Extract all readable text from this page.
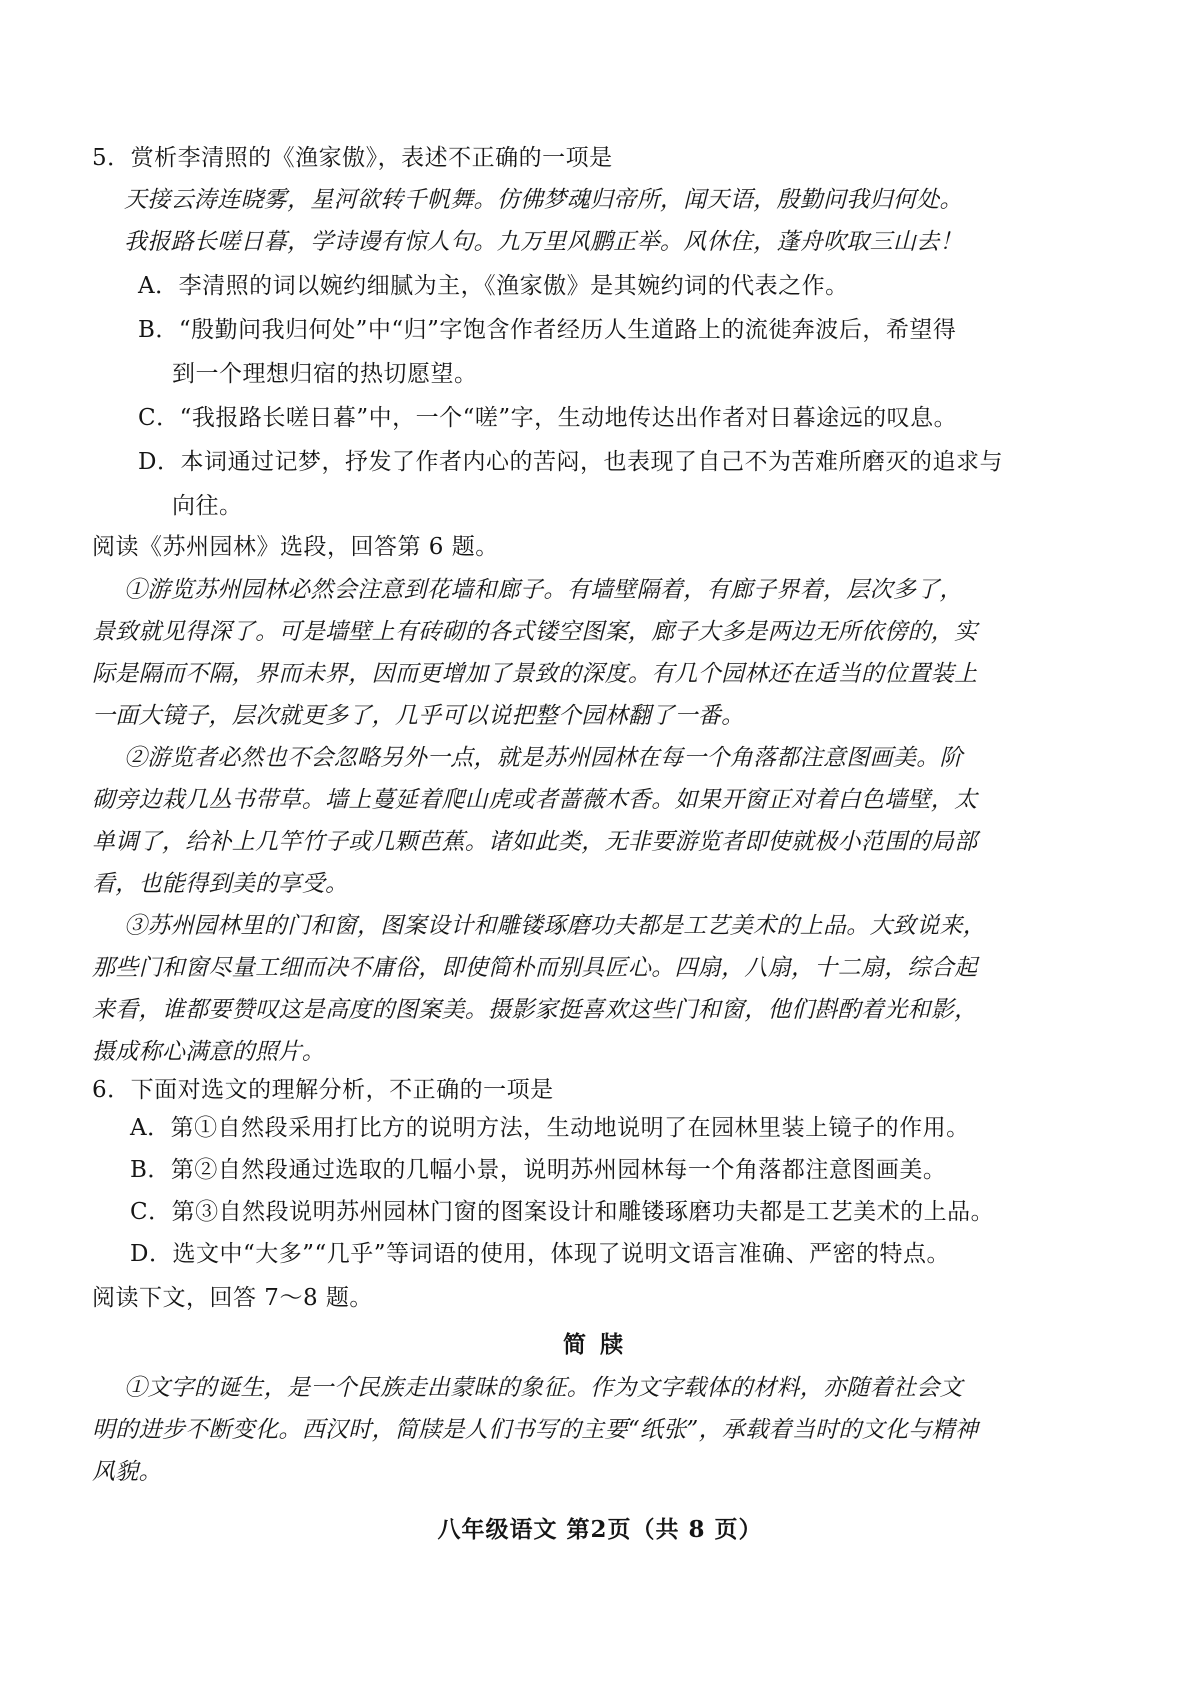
5．赏析李清照的《渔家傲》，表述不正确的一项是
天接云涛连晓雾，星河欲转千帆舞。仿佛梦魂归帝所，闻天语，殷勤问我归何处。
我报路长嗟日暮，学诗谩有惊人句。九万里风鹏正举。风休住，蓬舟吹取三山去！
A．李清照的词以婉约细腻为主，《渔家傲》是其婉约词的代表之作。
B．“殷勤问我归何处”中“归”字饱含作者经历人生道路上的流徙奔波后，希望得
到一个理想归宿的热切愿望。
C．“我报路长嗟日暮”中，一个“嗟”字，生动地传达出作者对日暮途远的叹息。
D．本词通过记梦，抒发了作者内心的苦闷，也表现了自己不为苦难所磨灭的追求与
向往。
阅读《苏州园林》选段，回答第 6 题。
①游览苏州园林必然会注意到花墙和廊子。有墙壁隔着，有廊子界着，层次多了，
景致就见得深了。可是墙壁上有砖砌的各式镂空图案，廊子大多是两边无所依傍的，实
际是隔而不隔，界而未界，因而更增加了景致的深度。有几个园林还在适当的位置装上
一面大镜子，层次就更多了，几乎可以说把整个园林翻了一番。
②游览者必然也不会忽略另外一点，就是苏州园林在每一个角落都注意图画美。阶
砌旁边栽几丛书带草。墙上蔓延着爬山虎或者蔷薇木香。如果开窗正对着白色墙壁，太
单调了，给补上几竿竹子或几颗芭蕉。诸如此类，无非要游览者即使就极小范围的局部
看，也能得到美的享受。
③苏州园林里的门和窗，图案设计和雕镂琢磨功夫都是工艺美术的上品。大致说来，
那些门和窗尽量工细而决不庸俗，即使简朴而别具匠心。四扇，八扇，十二扇，综合起
来看，谁都要赞叹这是高度的图案美。摄影家挺喜欢这些门和窗，他们斟酌着光和影，
摄成称心满意的照片。
6．下面对选文的理解分析，不正确的一项是
A．第①自然段采用打比方的说明方法，生动地说明了在园林里装上镜子的作用。
B．第②自然段通过选取的几幅小景，说明苏州园林每一个角落都注意图画美。
C．第③自然段说明苏州园林门窗的图案设计和雕镂琢磨功夫都是工艺美术的上品。
D．选文中“大多”“几乎”等词语的使用，体现了说明文语言准确、严密的特点。
阅读下文，回答 7～8 题。
简牍
①文字的诞生，是一个民族走出蒙昧的象征。作为文字载体的材料，亦随着社会文
明的进步不断变化。西汉时，简牍是人们书写的主要“纸张”，承载着当时的文化与精神
风貌。
八年级语文 第2页（共 8 页）
